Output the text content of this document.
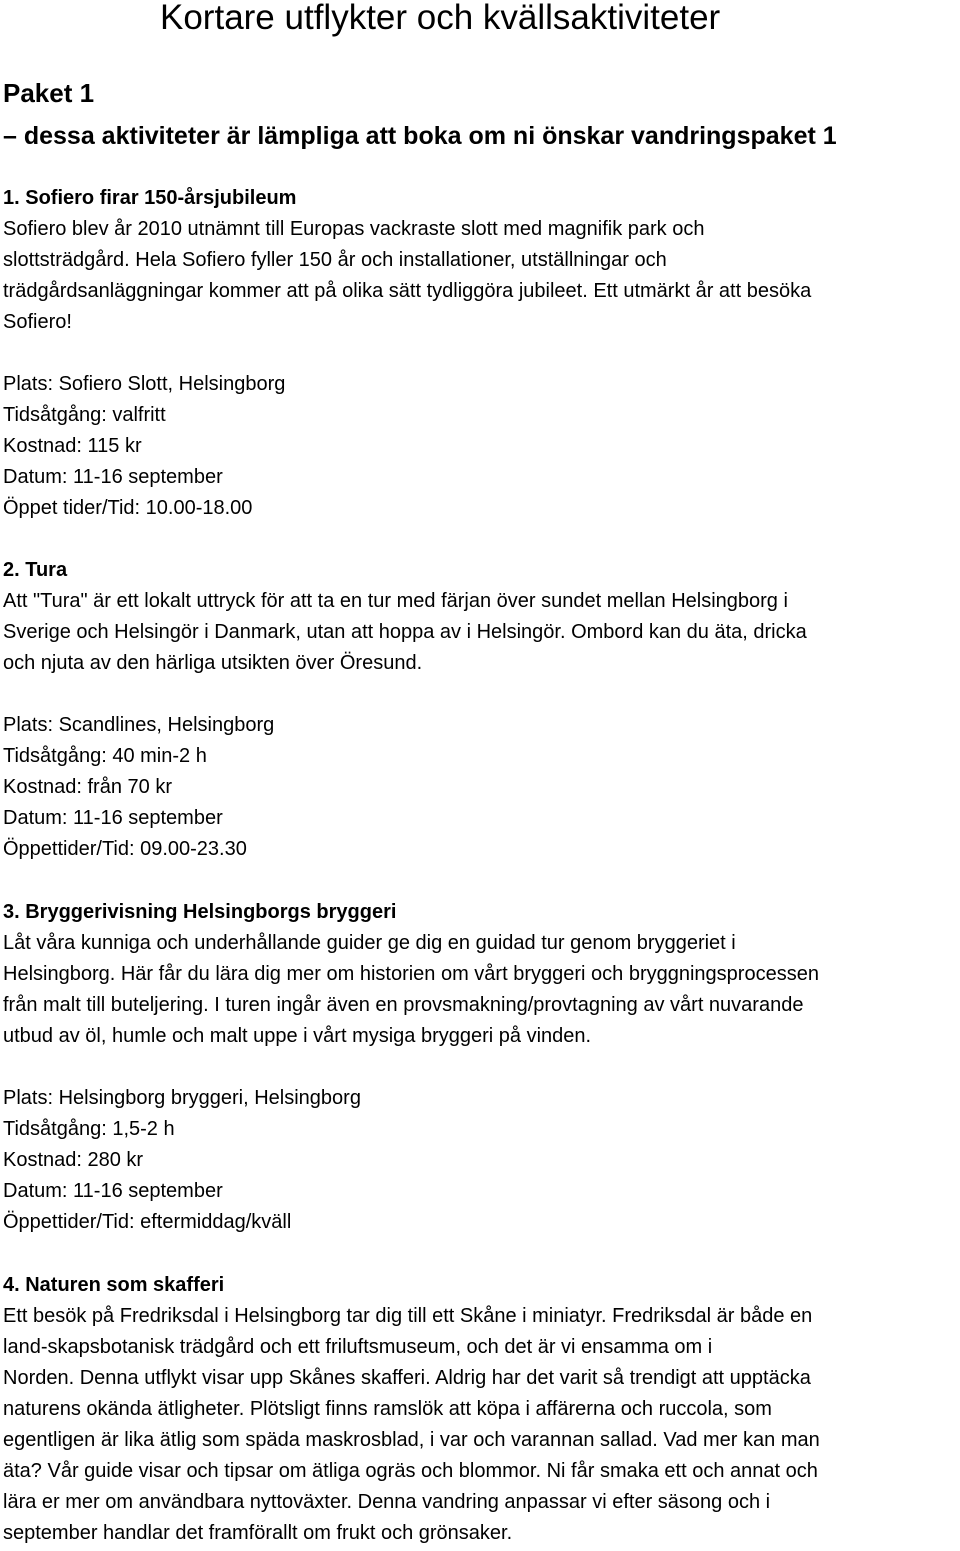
Kortare utflykter och kvällsaktiviteter
Paket 1
– dessa aktiviteter är lämpliga att boka om ni önskar vandringspaket 1

1. Sofiero firar 150-årsjubileum

Sofiero blev år 2010 utnämnt till Europas vackraste slott med magnifik park och

slottsträdgård. Hela Sofiero fyller 150 år och installationer, utställningar och

trädgårdsanläggningar kommer att på olika sätt tydliggöra jubileet. Ett utmärkt år att besöka

Sofiero!

Plats: Sofiero Slott, Helsingborg

Tidsåtgång: valfritt

Kostnad: 115 kr

Datum: 11-16 september

Öppet tider/Tid: 10.00-18.00

2. Tura

Att "Tura" är ett lokalt uttryck för att ta en tur med färjan över sundet mellan Helsingborg i

Sverige och Helsingör i Danmark, utan att hoppa av i Helsingör. Ombord kan du äta, dricka

och njuta av den härliga utsikten över Öresund.

Plats: Scandlines, Helsingborg

Tidsåtgång: 40 min-2 h

Kostnad: från 70 kr

Datum: 11-16 september

Öppettider/Tid: 09.00-23.30

3. Bryggerivisning Helsingborgs bryggeri

Låt våra kunniga och underhållande guider ge dig en guidad tur genom bryggeriet i

Helsingborg. Här får du lära dig mer om historien om vårt bryggeri och bryggningsprocessen

från malt till buteljering. I turen ingår även en provsmakning/provtagning av vårt nuvarande

utbud av öl, humle och malt uppe i vårt mysiga bryggeri på vinden.

Plats: Helsingborg bryggeri, Helsingborg

Tidsåtgång: 1,5-2 h

Kostnad: 280 kr

Datum: 11-16 september

Öppettider/Tid: eftermiddag/kväll

4. Naturen som skafferi

Ett besök på Fredriksdal i Helsingborg tar dig till ett Skåne i miniatyr. Fredriksdal är både en

land-skapsbotanisk trädgård och ett friluftsmuseum, och det är vi ensamma om i

Norden. Denna utflykt visar upp Skånes skafferi. Aldrig har det varit så trendigt att upptäcka

naturens okända ätligheter. Plötsligt finns ramslök att köpa i affärerna och ruccola, som

egentligen är lika ätlig som späda maskrosblad, i var och varannan sallad. Vad mer kan man

äta? Vår guide visar och tipsar om ätliga ogräs och blommor. Ni får smaka ett och annat och

lära er mer om användbara nyttoväxter. Denna vandring anpassar vi efter säsong och i

september handlar det framförallt om frukt och grönsaker.
